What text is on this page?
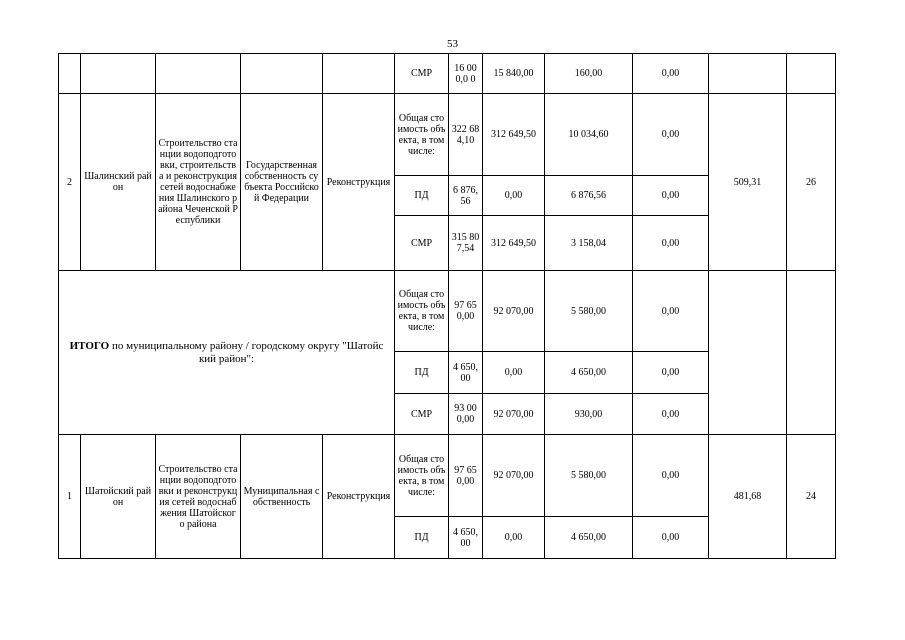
53
					СМР	16 000,0 0	15 840,00	160,00	0,00		
2	Шалинский район	Строительство станции водоподготовки, строительства и реконструкция сетей водоснабжения Шалинского района Чеченской Республики	Государственная собственность субъекта Российской Федерации	Реконструкция	Общая стоимость объекта, в том числе:	322 684,10	312 649,50	10 034,60	0,00	509,31	26
					ПД	6 876,56	0,00	6 876,56	0,00		
					СМР	315 807,54	312 649,50	3 158,04	0,00		
ИТОГО по муниципальному району / городскому округу "Шатойский район":					Общая стоимость объекта, в том числе:	97 650,00	92 070,00	5 580,00	0,00		
					ПД	4 650,00	0,00	4 650,00	0,00		
					СМР	93 000,00	92 070,00	930,00	0,00		
1	Шатойский район	Строительство станции водоподготовки и реконструкция сетей водоснабжения Шатойского района	Муниципальная собственность	Реконструкция	Общая стоимость объекта, в том числе:	97 650,00	92 070,00	5 580,00	0,00	481,68	24
					ПД	4 650,00	0,00	4 650,00	0,00		
